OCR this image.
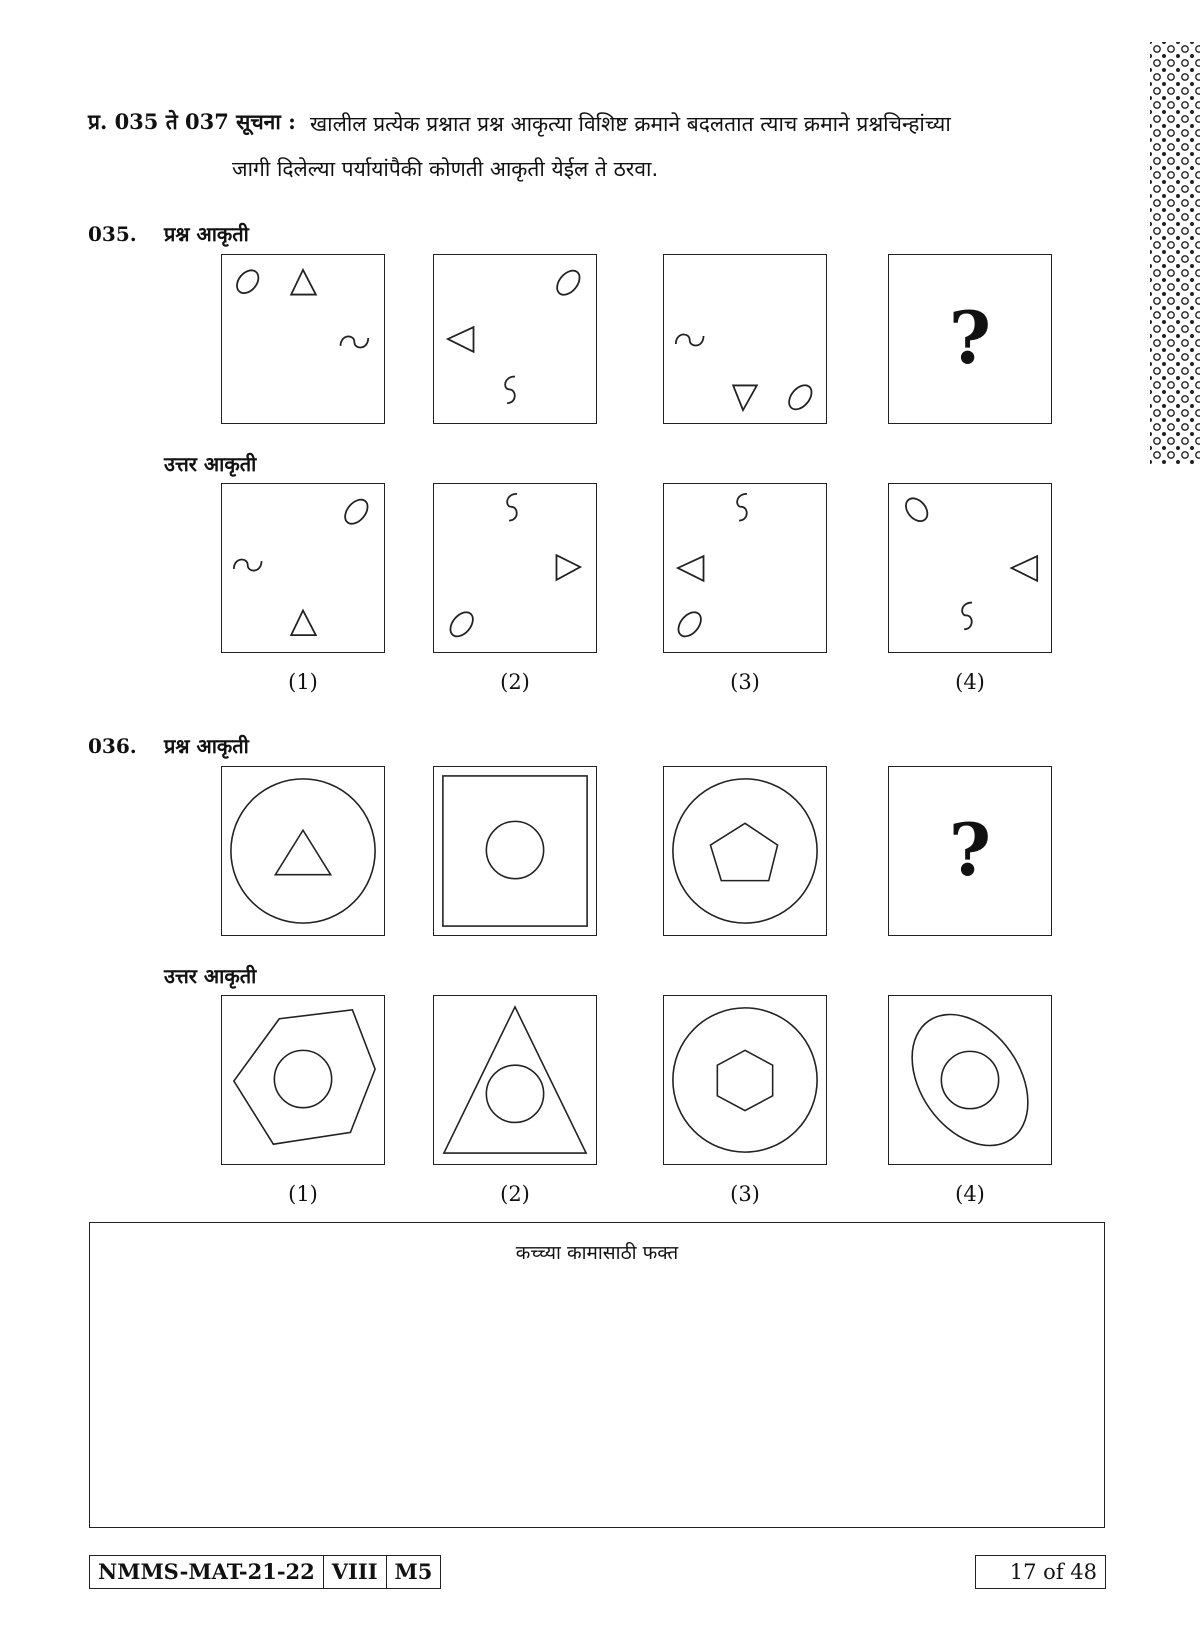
प्र. 035 ते 037 सूचना : खालील प्रत्येक प्रश्नात प्रश्न आकृत्या विशिष्ट क्रमाने बदलतात त्याच क्रमाने प्रश्नचिन्हांच्या
जागी दिलेल्या पर्यायांपैकी कोणती आकृती येईल ते ठरवा.
035. प्रश्न आकृती
?
उत्तर आकृती
(1)	(2)	(3)	(4)
036. प्रश्न आकृती
?
उत्तर आकृती
(1)	(2)	(3)	(4)
कच्च्या कामासाठी फक्त
NMMS-MAT-21-22 VIII M5	17 of 48
